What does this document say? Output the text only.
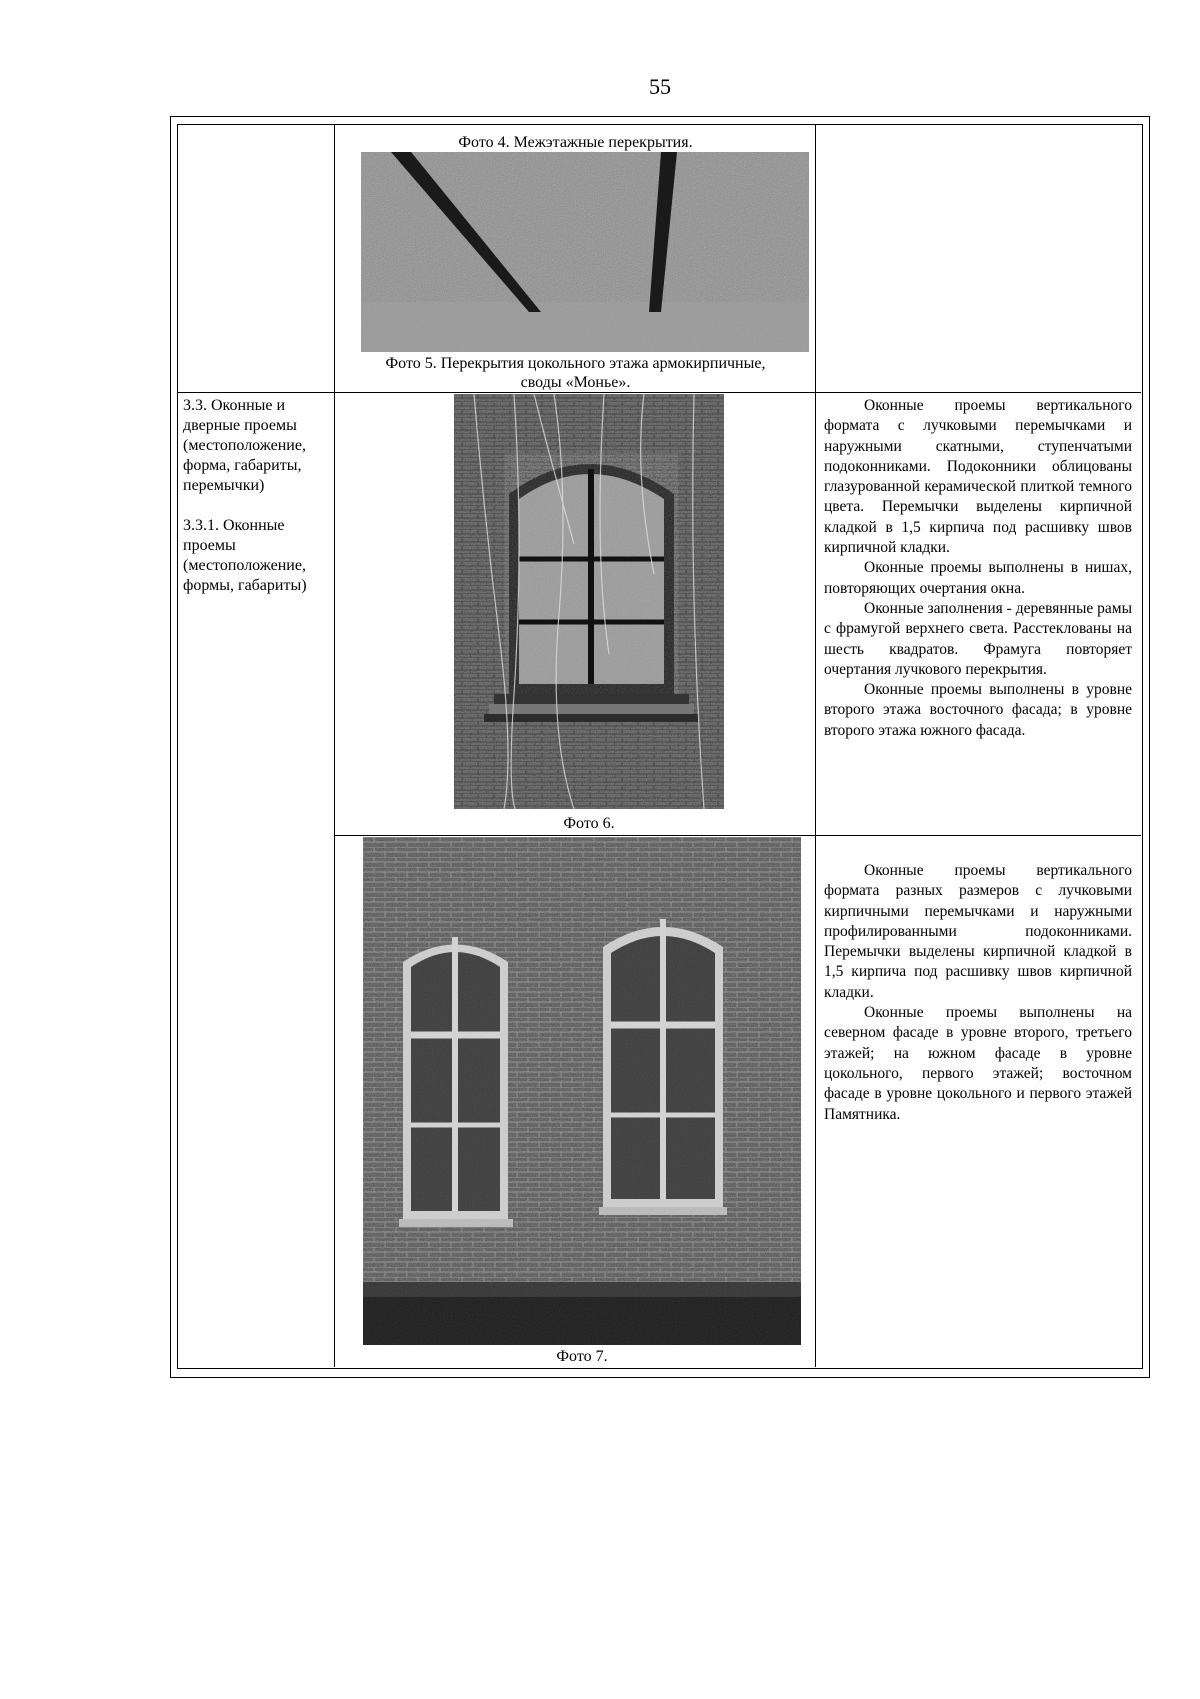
55
Фото 4. Межэтажные перекрытия.
Фото 5. Перекрытия цокольного этажа армокирпичные,
своды «Монье».

3.3. Оконные и

дверные проемы

(местоположение,

форма, габариты,

перемычки)

3.3.1. Оконные

проемы

(местоположение,

формы, габариты)

Фото 6.

Оконные проемы вертикального формата с лучковыми перемычками и наружными скатными, ступенчатыми подоконниками. Подоконники облицованы глазурованной керамической плиткой темного цвета. Перемычки выделены кирпичной кладкой в 1,5 кирпича под расшивку швов кирпичной кладки.

Оконные проемы выполнены в нишах, повторяющих очертания окна.

Оконные заполнения - деревянные рамы с фрамугой верхнего света. Расстеклованы на шесть квадратов. Фрамуга повторяет очертания лучкового перекрытия.

Оконные проемы выполнены в уровне второго этажа восточного фасада; в уровне второго этажа южного фасада.

Фото 7.

Оконные проемы вертикального формата разных размеров с лучковыми кирпичными перемычками и наружными профилированными подоконниками. Перемычки выделены кирпичной кладкой в 1,5 кирпича под расшивку швов кирпичной кладки.

Оконные проемы выполнены на северном фасаде в уровне второго, третьего этажей; на южном фасаде в уровне цокольного, первого этажей; восточном фасаде в уровне цокольного и первого этажей Памятника.
